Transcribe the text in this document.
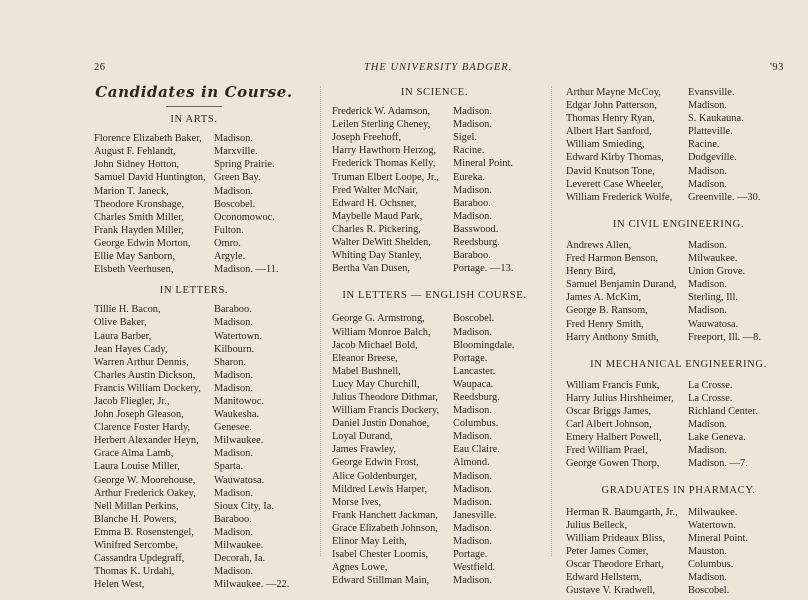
26	THE UNIVERSITY BADGER.	'93
Candidates in Course.
IN ARTS.
Florence Elizabeth Baker,	Madison.
August F. Fehlandt,	Marxville.
John Sidney Hotton,	Spring Prairie.
Samuel David Huntington, Green Bay.
Marion T. Janeck,	Madison.
Theodore Kronshage,	Boscobel.
Charles Smith Miller,	Oconomowoc.
Frank Hayden Miller,	Fulton.
George Edwin Morton,	Omro.
Ellie May Sanborn,	Argyle.
Elsbeth Veerhusen,	Madison. —11.
IN LETTERS.
Tillie H. Bacon,	Baraboo.
Olive Baker,	Madison.
Laura Barber,	Watertown.
Jean Hayes Cady,	Kilbourn.
Warren Arthur Dennis,	Sharon.
Charles Austin Dickson,	Madison.
Francis William Dockery,	Madison.
Jacob Fliegler, Jr.,	Manitowoc.
John Joseph Gleason,	Waukesha.
Clarence Foster Hardy,	Genesee.
Herbert Alexander Heyn,	Milwaukee.
Grace Alma Lamb,	Madison.
Laura Louise Miller,	Sparta.
George W. Moorehouse,	Wauwatosa.
Arthur Frederick Oakey,	Madison.
Nell Millan Perkins,	Sioux City, Ia.
Blanche H. Powers,	Baraboo.
Emma B. Rosenstengel,	Madison.
Winifred Sercombe,	Milwaukee.
Cassandra Updegraff,	Decorah, Ia.
Thomas K. Urdahl,	Madison.
Helen West,	Milwaukee. —22.
IN SCIENCE.
Frederick W. Adamson,	Madison.
Leilen Sterling Cheney,	Madison.
Joseph Freehoff,	Sigel.
Harry Hawthorn Herzog,	Racine.
Frederick Thomas Kelly,	Mineral Point.
Truman Elbert Loope, Jr.,	Eureka.
Fred Walter McNair,	Madison.
Edward H. Ochsner,	Baraboo.
Maybelle Maud Park,	Madison.
Charles R. Pickering,	Basswood.
Walter DeWitt Shelden,	Reedsburg.
Whiting Day Stanley,	Baraboo.
Bertha Van Dusen,	Portage. —13.
IN LETTERS — ENGLISH COURSE.
George G. Armstrong,	Boscobel.
William Monroe Balch,	Madison.
Jacob Michael Bold,	Bloomingdale.
Eleanor Breese,	Portage.
Mabel Bushnell,	Lancaster.
Lucy May Churchill,	Waupaca.
Julius Theodore Dithmar,	Reedsburg.
William Francis Dockery,	Madison.
Daniel Justin Donahoe,	Columbus.
Loyal Durand,	Madison.
James Frawley,	Eau Claire.
George Edwin Frost,	Almond.
Alice Goldenburger,	Madison.
Mildred Lewis Harper,	Madison.
Morse Ives,	Madison.
Frank Hanchett Jackman,	Janesville.
Grace Elizabeth Johnson,	Madison.
Elinor May Leith,	Madison.
Isabel Chester Loomis,	Portage.
Agnes Lowe,	Westfield.
Edward Stillman Main,	Madison.
Arthur Mayne McCoy,	Evansville.
Edgar John Patterson,	Madison.
Thomas Henry Ryan,	S. Kaukauna.
Albert Hart Sanford,	Platteville.
William Smieding,	Racine.
Edward Kirby Thomas,	Dodgeville.
David Knutson Tone,	Madison.
Leverett Case Wheeler,	Madison.
William Frederick Wolfe,	Greenville. —30.
IN CIVIL ENGINEERING.
Andrews Allen,	Madison.
Fred Harmon Benson,	Milwaukee.
Henry Bird,	Union Grove.
Samuel Benjamin Durand,	Madison.
James A. McKim,	Sterling, Ill.
George B. Ransom,	Madison.
Fred Henry Smith,	Wauwatosa.
Harry Anthony Smith,	Freeport, Ill. —8.
IN MECHANICAL ENGINEERING.
William Francis Funk,	La Crosse.
Harry Julius Hirshheimer,	La Crosse.
Oscar Briggs James,	Richland Center.
Carl Albert Johnson,	Madison.
Emery Halbert Powell,	Lake Geneva.
Fred William Prael,	Madison.
George Gowen Thorp,	Madison. —7.
GRADUATES IN PHARMACY.
Herman R. Baumgarth, Jr., Milwaukee.
Julius Belleck,	Watertown.
William Prideaux Bliss,	Mineral Point.
Peter James Comer,	Mauston.
Oscar Theodore Erhart,	Columbus.
Edward Hellstern,	Madison.
Gustave V. Kradwell,	Boscobel.
